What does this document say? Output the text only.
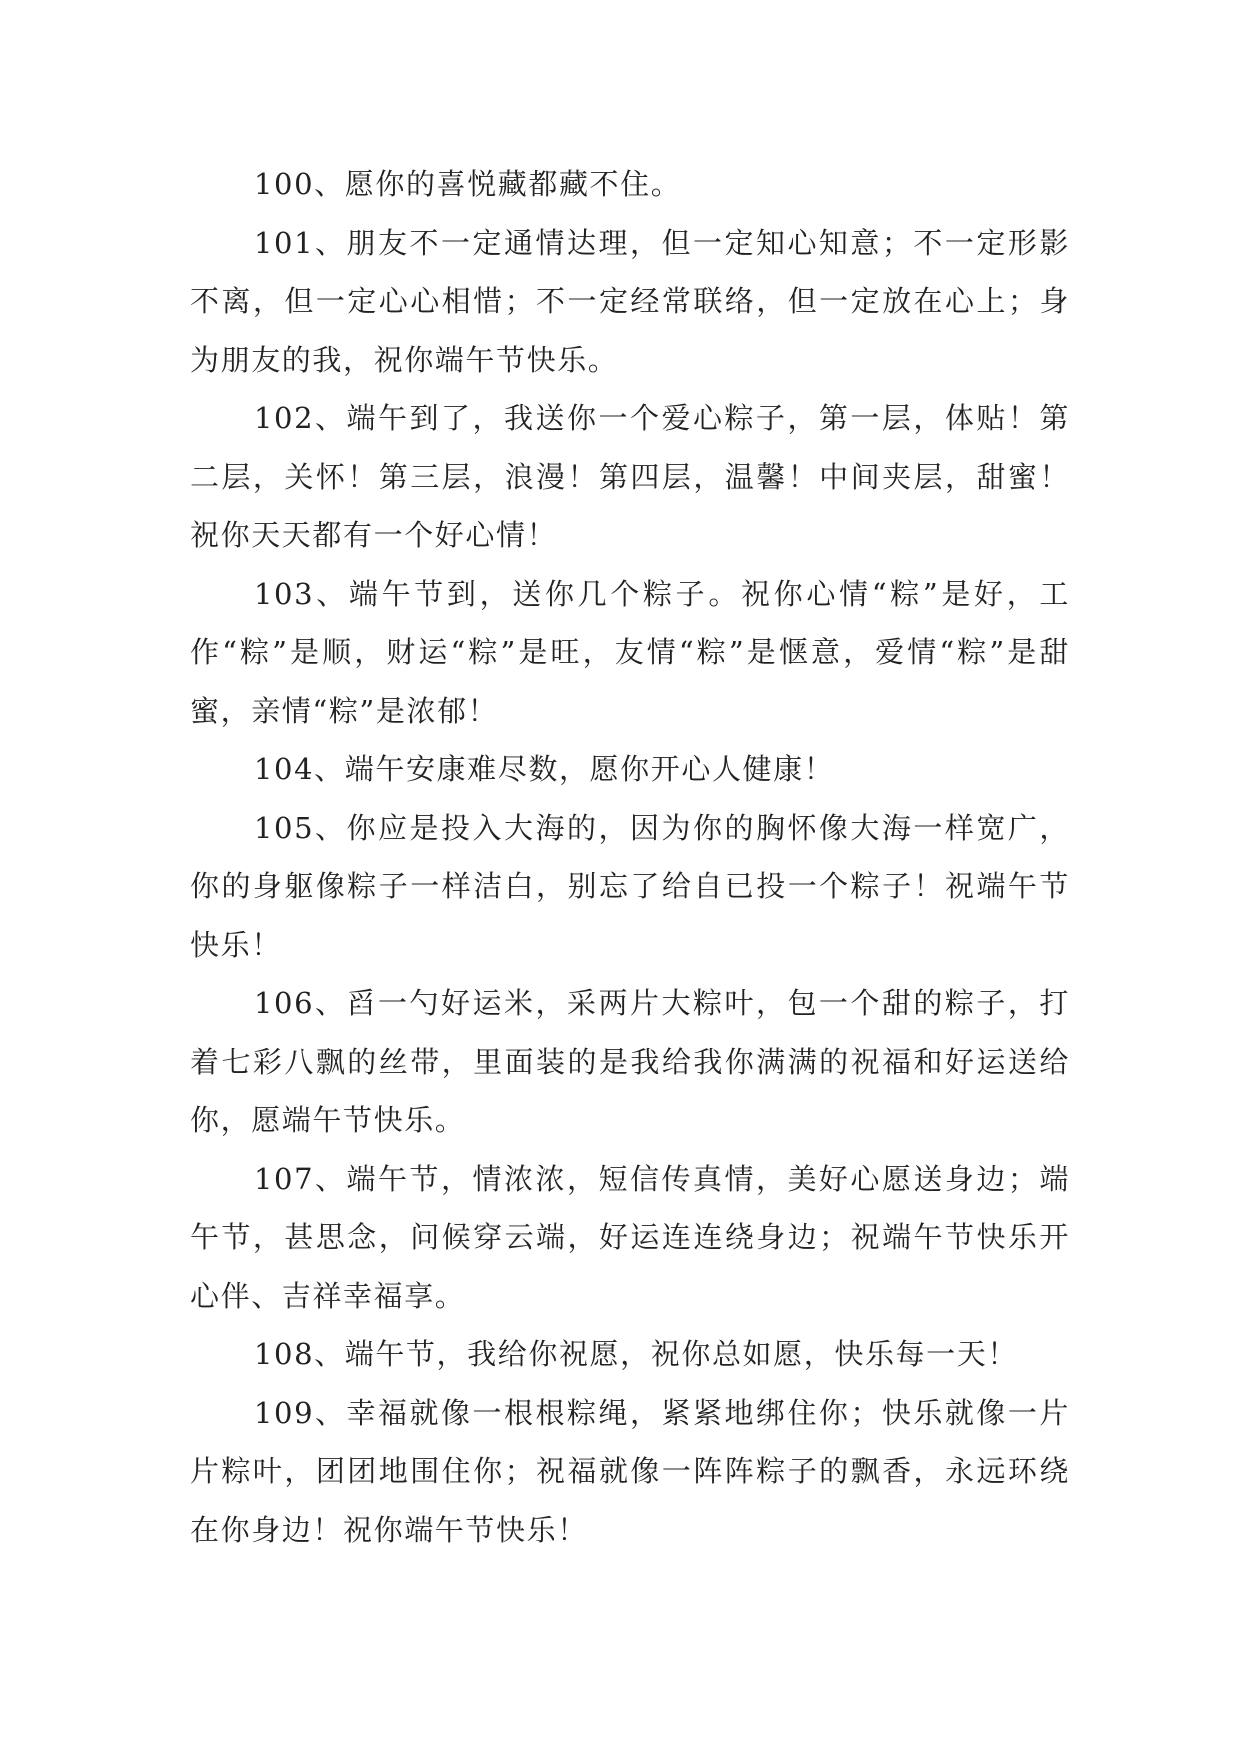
100、愿你的喜悦藏都藏不住。

101、朋友不一定通情达理，但一定知心知意；不一定形影不离，但一定心心相惜；不一定经常联络，但一定放在心上；身为朋友的我，祝你端午节快乐。

102、端午到了，我送你一个爱心粽子，第一层，体贴！第二层，关怀！第三层，浪漫！第四层，温馨！中间夹层，甜蜜！祝你天天都有一个好心情！

103、端午节到，送你几个粽子。祝你心情“粽”是好，工作“粽”是顺，财运“粽”是旺，友情“粽”是惬意，爱情“粽”是甜蜜，亲情“粽”是浓郁！

104、端午安康难尽数，愿你开心人健康！

105、你应是投入大海的，因为你的胸怀像大海一样宽广，你的身躯像粽子一样洁白，别忘了给自已投一个粽子！祝端午节快乐！

106、舀一勺好运米，采两片大粽叶，包一个甜的粽子，打着七彩八飘的丝带，里面装的是我给我你满满的祝福和好运送给你，愿端午节快乐。

107、端午节，情浓浓，短信传真情，美好心愿送身边；端午节，甚思念，问候穿云端，好运连连绕身边；祝端午节快乐开心伴、吉祥幸福享。

108、端午节，我给你祝愿，祝你总如愿，快乐每一天！

109、幸福就像一根根粽绳，紧紧地绑住你；快乐就像一片片粽叶，团团地围住你；祝福就像一阵阵粽子的飘香，永远环绕在你身边！祝你端午节快乐！
